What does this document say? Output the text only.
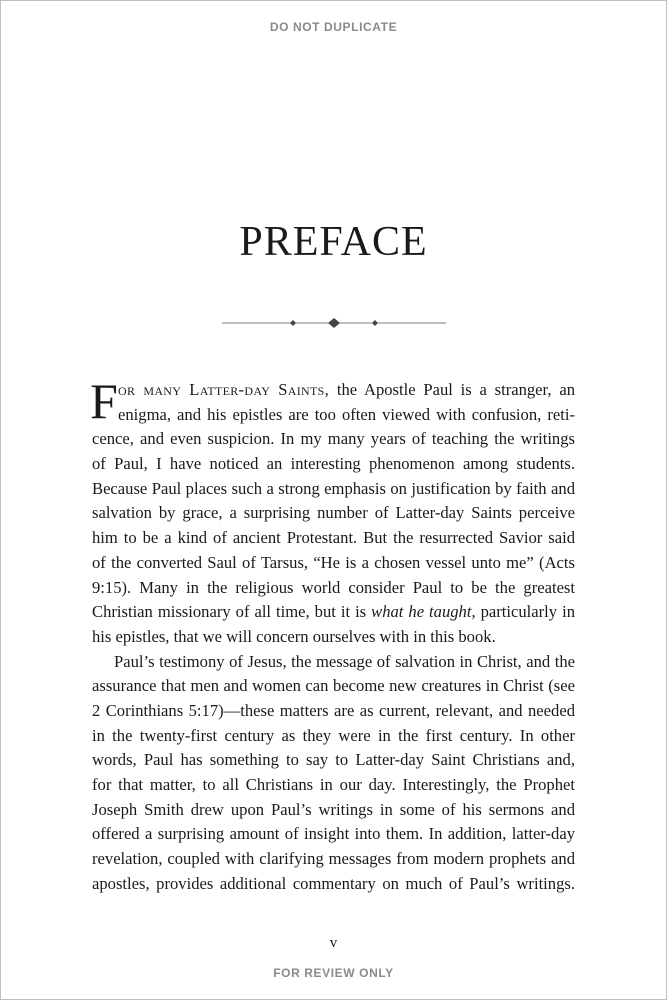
DO NOT DUPLICATE
PREFACE
F or many Latter-day Saints, the Apostle Paul is a stranger, an
enigma, and his epistles are too often viewed with confusion, reti-
cence, and even suspicion. In my many years of teaching the writings
of Paul, I have noticed an interesting phenomenon among students.
Because Paul places such a strong emphasis on justification by faith and
salvation by grace, a surprising number of Latter-day Saints perceive
him to be a kind of ancient Protestant. But the resurrected Savior said
of the converted Saul of Tarsus, “He is a chosen vessel unto me” (Acts
9:15). Many in the religious world consider Paul to be the greatest
Christian missionary of all time, but it is what he taught, particularly in
his epistles, that we will concern ourselves with in this book.
Paul’s testimony of Jesus, the message of salvation in Christ, and the
assurance that men and women can become new creatures in Christ (see
2 Corinthians 5:17)—these matters are as current, relevant, and needed
in the twenty-first century as they were in the first century. In other
words, Paul has something to say to Latter-day Saint Christians and,
for that matter, to all Christians in our day. Interestingly, the Prophet
Joseph Smith drew upon Paul’s writings in some of his sermons and
offered a surprising amount of insight into them. In addition, latter-day
revelation, coupled with clarifying messages from modern prophets and
apostles, provides additional commentary on much of Paul’s writings.
v
FOR REVIEW ONLY
